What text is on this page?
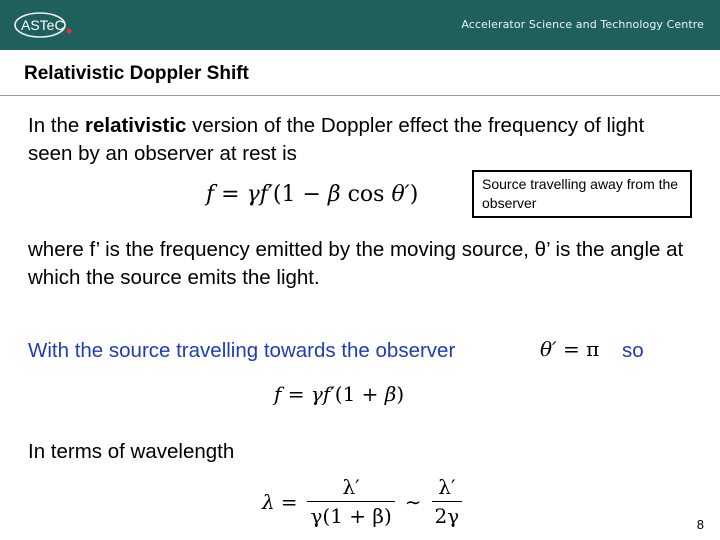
ASTeC	Accelerator Science and Technology Centre
Relativistic Doppler Shift
In the relativistic version of the Doppler effect the frequency of light seen by an observer at rest is
f = γf′(1 − β cos θ′)	Source travelling away from the observer
where f’ is the frequency emitted by the moving source, θ’ is the angle at which the source emits the light.
With the source travelling towards the observer	θ′ = π so
f = γf′(1 + β)
In terms of wavelength
$\lambda = \frac{\lambda'}{\gamma(1 + \beta)}$ ∼ $\frac{\lambda'}{2\gamma}$	8
